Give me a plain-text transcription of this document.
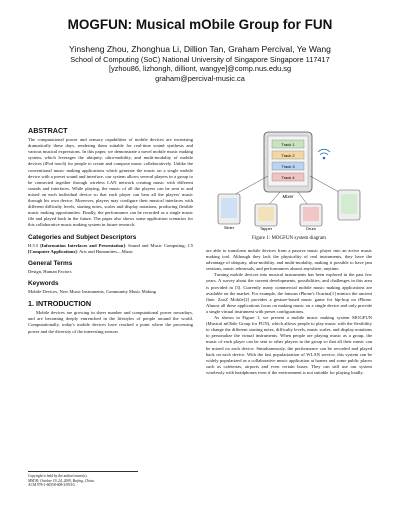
MOGFUN: Musical mObile Group for FUN
Yinsheng Zhou, Zhonghua Li, Dillion Tan, Graham Percival, Ye Wang
School of Computing (SoC) National University of Singapore Singapore 117417
[yzhou86, lizhongh, dilliont, wangye]@comp.nus.edu.sg
graham@percival-music.ca
ABSTRACT

The computational power and sensory capabilities of mobile devices are increasing dramatically these days, rendering them suitable for real-time sound synthesis and various musical expressions. In this paper, we demonstrate a novel mobile music making system, which leverages the ubiquity, ultra-mobility, and multi-modality of mobile devices (iPod touch) for people to create and compose music collaboratively. Unlike the conventional music making applications which generate the music on a single mobile device with a preset sound and interface, our system allows several players in a group to be connected together through wireless LAN network creating music with different sounds and interfaces. While playing, the music of all the players can be sent to and mixed on each individual device so that each player can hear all the players' music through his own device. Moreover, players may configure their musical interfaces with different difficulty levels, starting notes, scales and display notations, producing flexible music making opportunities. Finally, the performance can be recorded as a single music file and played back in the future. The paper also shows some application scenarios for this collaborative music making system in future research.

Categories and Subject Descriptors

H.5.5 [Information Interfaces and Presentation]: Sound and Music Computing; J.5 [Computer Applications]: Arts and Humanities—Music

General Terms

Design, Human Factors

Keywords

Mobile Devices, New Music Instruments, Community Music Making

1. INTRODUCTION

Mobile devices are growing in sheer number and computational power nowadays, and are becoming deeply entrenched in the lifestyles of people around the world. Computationally, today's mobile devices have reached a point where the processing power and the diversity of the interesting sensors

Copyright is held by the author/owner(s).
MM'09, October 19–24, 2009, Beijing, China.
ACM 978-1-60558-608-3/09/10.
Track 1
Track 2
Track 3
Track 4
Mixer
Slider	Tapper	Drum
Figure 1: MOGFUN system diagram

are able to transform mobile devices from a passive music player into an active music making tool. Although they lack the physicality of real instruments, they have the advantage of ubiquity, ultra-mobility, and multi-modality, making it possible to have jam sessions, music rehearsals, and performances almost anywhere, anytime.

Turning mobile devices into musical instruments has been explored in the past few years. A survey about the current developments, possibilities, and challenges in this area is provided in [3]. Currently many commercial mobile music making applications are available on the market. For example, the famous iPhone's Ocarina[1] mimics the ancient flute. ZooZ Mobile[2] provides a gesture-based music game for hip-hop on iPhone. Almost all these applications focus on making music on a single device and only provide a single virtual instrument with preset configurations.

As shown in Figure 1, we present a mobile music making system MOGFUN (Musical mObile Group for FUN), which allows people to play music with the flexibility to change the different starting notes, difficulty levels, music scales, and display notations to personalize the virtual instruments. When people are playing music as a group, the music of each player can be sent to other players in the group so that all their music can be mixed on each device. Simultaneously, the performance can be recorded and played back on each device. With the fast popularization of WLAN service, this system can be widely popularized as a collaborative music application at homes and some public places such as cafeterias, airports and even certain buses. They can still use our system wirelessly with headphones even if the environment is not suitable for playing loudly.
